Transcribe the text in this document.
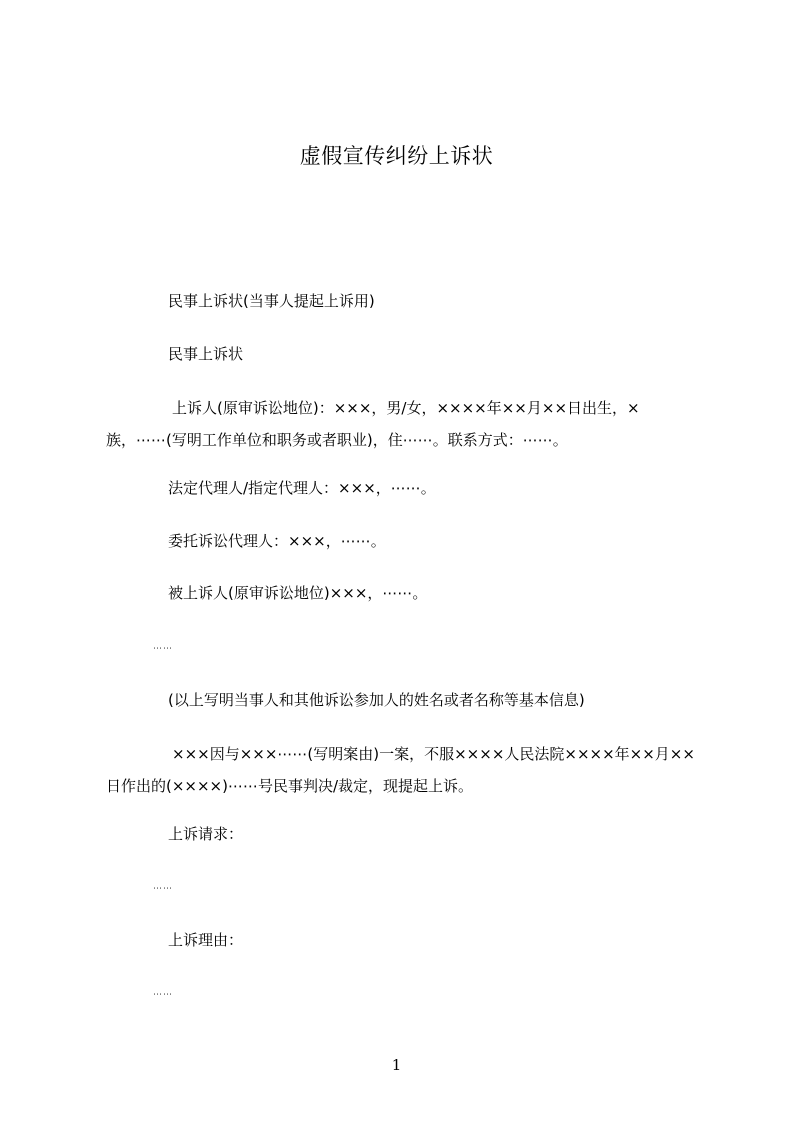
虚假宣传纠纷上诉状
民事上诉状(当事人提起上诉用)
民事上诉状
上诉人(原审诉讼地位)：×××，男/女，××××年××月××日出生，×族，⋯⋯(写明工作单位和职务或者职业)，住⋯⋯。联系方式：⋯⋯。
法定代理人/指定代理人：×××，⋯⋯。
委托诉讼代理人：×××，⋯⋯。
被上诉人(原审诉讼地位)×××，⋯⋯。
⋯⋯
(以上写明当事人和其他诉讼参加人的姓名或者名称等基本信息)
×××因与×××⋯⋯(写明案由)一案，不服××××人民法院××××年××月××日作出的(××××)⋯⋯号民事判决/裁定，现提起上诉。
上诉请求：
⋯⋯
上诉理由：
⋯⋯
1
